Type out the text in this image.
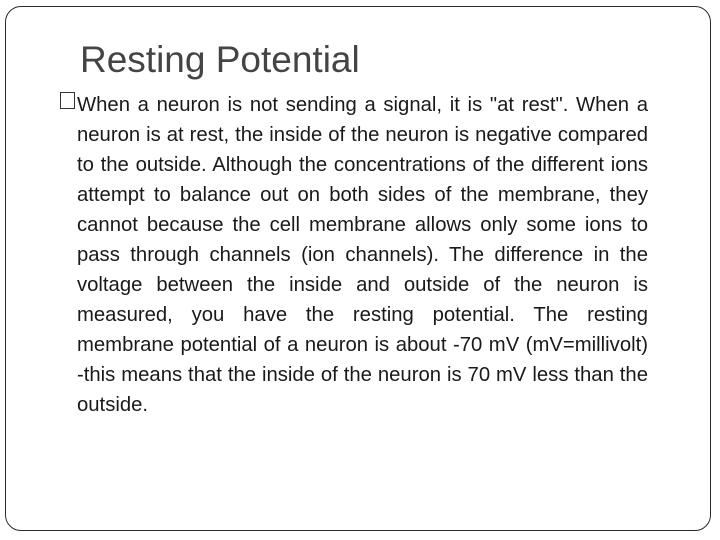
Resting Potential

When a neuron is not sending a signal, it is "at rest". When a neuron is at rest, the inside of the neuron is negative compared to the outside. Although the concentrations of the different ions attempt to balance out on both sides of the membrane, they cannot because the cell membrane allows only some ions to pass through channels (ion channels). The difference in the voltage between the inside and outside of the neuron is measured, you have the resting potential. The resting membrane potential of a neuron is about -70 mV (mV=millivolt) -this means that the inside of the neuron is 70 mV less than the outside.
